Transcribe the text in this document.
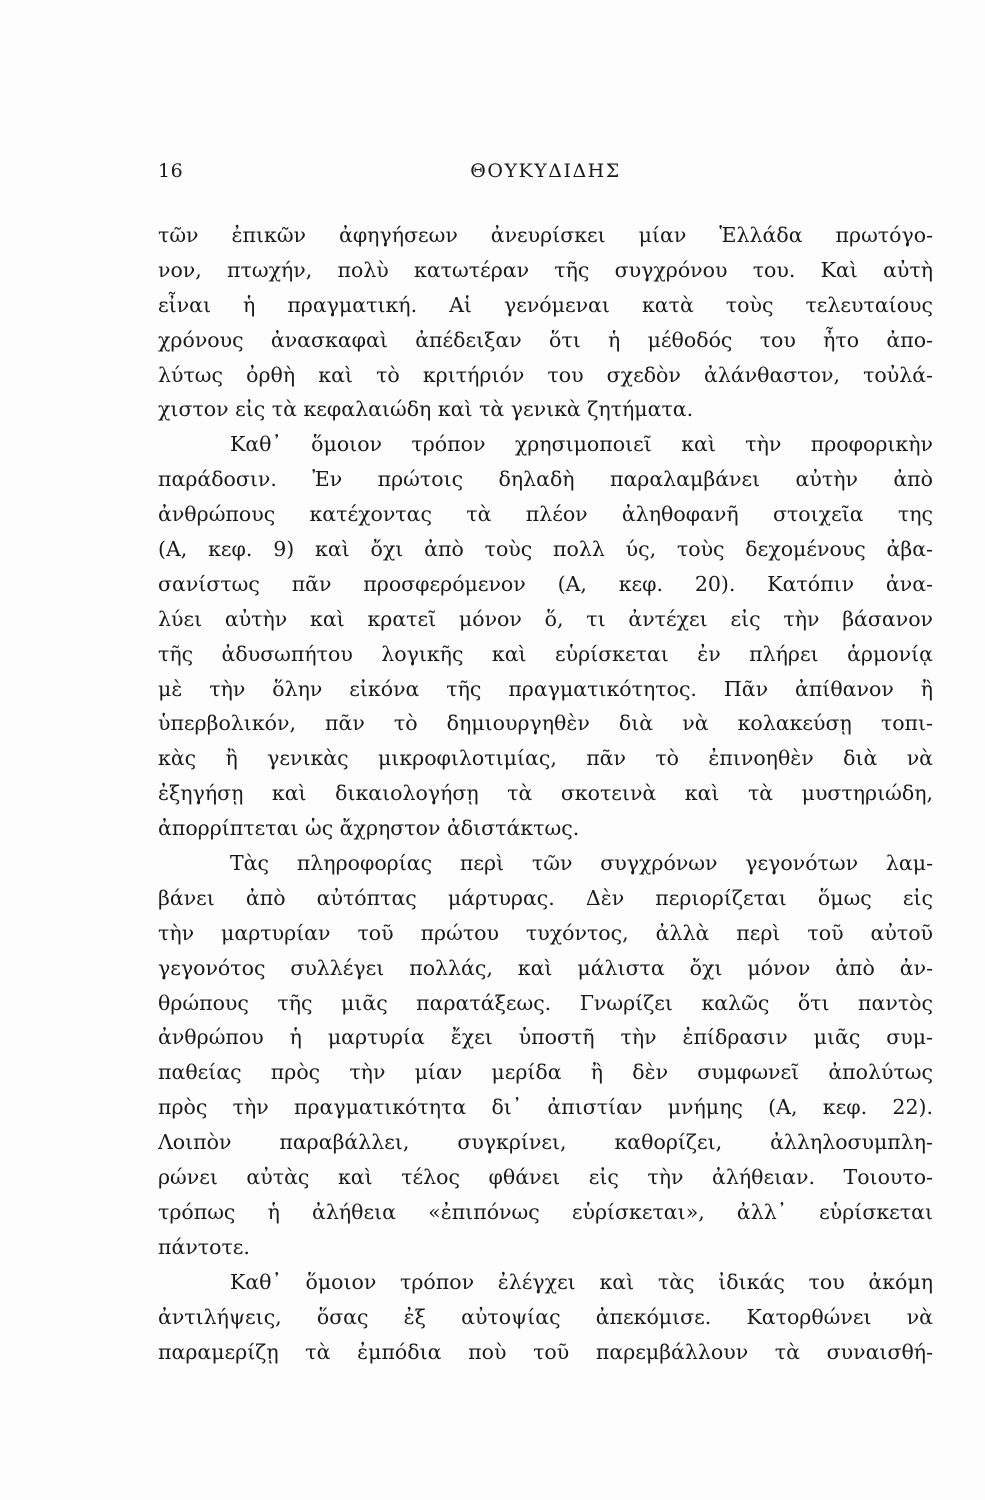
16	ΘΟΥΚΥΔΙΔΗΣ
τῶν ἐπικῶν ἀφηγήσεων ἀνευρίσκει μίαν Ἑλλάδα πρωτόγο-
νον, πτωχήν, πολὺ κατωτέραν τῆς συγχρόνου του. Καὶ αὐτὴ
εἶναι ἡ πραγματική. Αἱ γενόμεναι κατὰ τοὺς τελευταίους
χρόνους ἀνασκαφαὶ ἀπέδειξαν ὅτι ἡ μέθοδός του ἦτο ἀπο-
λύτως ὀρθὴ καὶ τὸ κριτήριόν του σχεδὸν ἀλάνθαστον, τοὐλά-
χιστον εἰς τὰ κεφαλαιώδη καὶ τὰ γενικὰ ζητήματα.
Καθ᾽ ὅμοιον τρόπον χρησιμοποιεῖ καὶ τὴν προφορικὴν
παράδοσιν. Ἐν πρώτοις δηλαδὴ παραλαμβάνει αὐτὴν ἀπὸ
ἀνθρώπους κατέχοντας τὰ πλέον ἀληθοφανῆ στοιχεῖα της
(Α, κεφ. 9) καὶ ὄχι ἀπὸ τοὺς πολλ ύς, τοὺς δεχομένους ἀβα-
σανίστως πᾶν προσφερόμενον (Α, κεφ. 20). Κατόπιν ἀνα-
λύει αὐτὴν καὶ κρατεῖ μόνον ὅ, τι ἀντέχει εἰς τὴν βάσανον
τῆς ἀδυσωπήτου λογικῆς καὶ εὑρίσκεται ἐν πλήρει ἁρμονίᾳ
μὲ τὴν ὅλην εἰκόνα τῆς πραγματικότητος. Πᾶν ἀπίθανον ἢ
ὑπερβολικόν, πᾶν τὸ δημιουργηθὲν διὰ νὰ κολακεύσῃ τοπι-
κὰς ἢ γενικὰς μικροφιλοτιμίας, πᾶν τὸ ἐπινοηθὲν διὰ νὰ
ἐξηγήσῃ καὶ δικαιολογήσῃ τὰ σκοτεινὰ καὶ τὰ μυστηριώδη,
ἀπορρίπτεται ὡς ἄχρηστον ἀδιστάκτως.
Τὰς πληροφορίας περὶ τῶν συγχρόνων γεγονότων λαμ-
βάνει ἀπὸ αὐτόπτας μάρτυρας. Δὲν περιορίζεται ὅμως εἰς
τὴν μαρτυρίαν τοῦ πρώτου τυχόντος, ἀλλὰ περὶ τοῦ αὐτοῦ
γεγονότος συλλέγει πολλάς, καὶ μάλιστα ὄχι μόνον ἀπὸ ἀν-
θρώπους τῆς μιᾶς παρατάξεως. Γνωρίζει καλῶς ὅτι παντὸς
ἀνθρώπου ἡ μαρτυρία ἔχει ὑποστῆ τὴν ἐπίδρασιν μιᾶς συμ-
παθείας πρὸς τὴν μίαν μερίδα ἢ δὲν συμφωνεῖ ἀπολύτως
πρὸς τὴν πραγματικότητα δι᾽ ἀπιστίαν μνήμης (Α, κεφ. 22).
Λοιπὸν παραβάλλει, συγκρίνει, καθορίζει, ἀλληλοσυμπλη-
ρώνει αὐτὰς καὶ τέλος φθάνει εἰς τὴν ἀλήθειαν. Τοιουτο-
τρόπως ἡ ἀλήθεια «ἐπιπόνως εὑρίσκεται», ἀλλ᾽ εὑρίσκεται
πάντοτε.
Καθ᾽ ὅμοιον τρόπον ἐλέγχει καὶ τὰς ἰδικάς του ἀκόμη
ἀντιλήψεις, ὅσας ἐξ αὐτοψίας ἀπεκόμισε. Κατορθώνει νὰ
παραμερίζῃ τὰ ἐμπόδια ποὺ τοῦ παρεμβάλλουν τὰ συναισθή-
